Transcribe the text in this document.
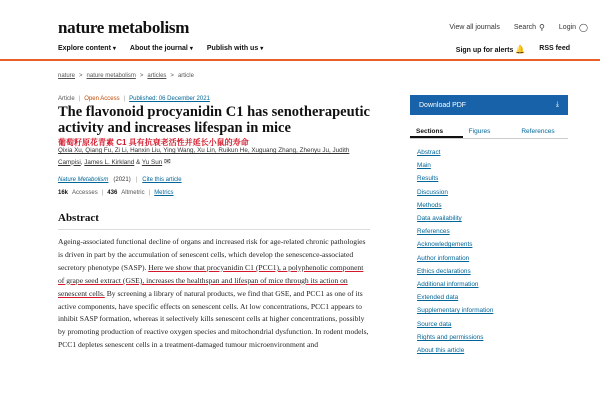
nature metabolism	View all journals Search ⚲ Login ◯
Explore content ▾ About the journal ▾ Publish with us ▾	Sign up for alerts 🔔 RSS feed
nature > nature metabolism > articles > article
Article | Open Access | Published: 06 December 2021
The flavonoid procyanidin C1 has senotherapeutic activity and increases lifespan in mice
葡萄籽原花青素 C1 具有抗衰老活性并延长小鼠的寿命
Qixia Xu, Qiang Fu, Zi Li, Hanxin Liu, Ying Wang, Xu Lin, Ruikun He, Xuguang Zhang, Zhenyu Ju, Judith
Campisi, James L. Kirkland & Yu Sun ✉
Nature Metabolism (2021) | Cite this article
16k Accesses | 436 Altmetric | Metrics
Abstract

Ageing-associated functional decline of organs and increased risk for age-related chronic pathologies is driven in part by the accumulation of senescent cells, which develop the senescence-associated secretory phenotype (SASP). Here we show that procyanidin C1 (PCC1), a polyphenolic component of grape seed extract (GSE), increases the healthspan and lifespan of mice through its action on senescent cells. By screening a library of natural products, we find that GSE, and PCC1 as one of its active components, have specific effects on senescent cells. At low concentrations, PCC1 appears to inhibit SASP formation, whereas it selectively kills senescent cells at higher concentrations, possibly by promoting production of reactive oxygen species and mitochondrial dysfunction. In rodent models, PCC1 depletes senescent cells in a treatment-damaged tumour microenvironment and

Download PDF	⤓
Sections	Figures	References
Abstract
Main
Results
Discussion
Methods
Data availability
References
Acknowledgements
Author information
Ethics declarations
Additional information
Extended data
Supplementary information
Source data
Rights and permissions
About this article
